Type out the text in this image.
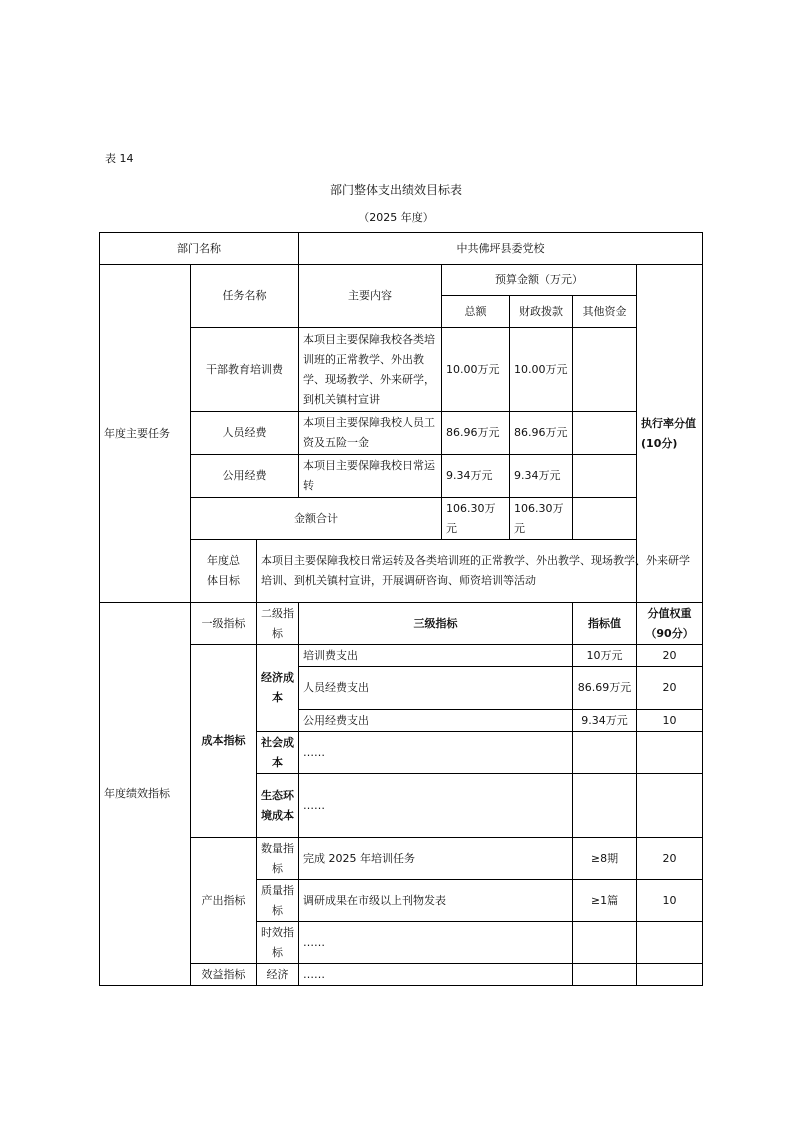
表 14
部门整体支出绩效目标表
（2025 年度）
部门名称			中共佛坪县委党校				
年度主要任务	任务名称		主要内容	预算金额（万元）			执行率分值(10分)
				总额	财政拨款	其他资金	
	干部教育培训费		本项目主要保障我校各类培训班的正常教学、外出教学、现场教学、外来研学，到机关镇村宣讲	10.00万元	10.00万元		
	人员经费		本项目主要保障我校人员工资及五险一金	86.96万元	86.96万元		
	公用经费		本项目主要保障我校日常运转	9.34万元	9.34万元		
	金额合计			106.30万元	106.30万元		
	年度总体目标	本项目主要保障我校日常运转及各类培训班的正常教学、外出教学、现场教学、外来研学培训、到机关镇村宣讲，开展调研咨询、师资培训等活动					
年度绩效指标	一级指标	二级指标	三级指标			指标值	分值权重（90分）
	成本指标	经济成本	培训费支出			10万元	20
			人员经费支出			86.69万元	20
			公用经费支出			9.34万元	10
		社会成本	……				
		生态环境成本	……				
	产出指标	数量指标	完成 2025 年培训任务			≥8期	20
		质量指标	调研成果在市级以上刊物发表			≥1篇	10
		时效指标	……				
	效益指标	经济	……				
